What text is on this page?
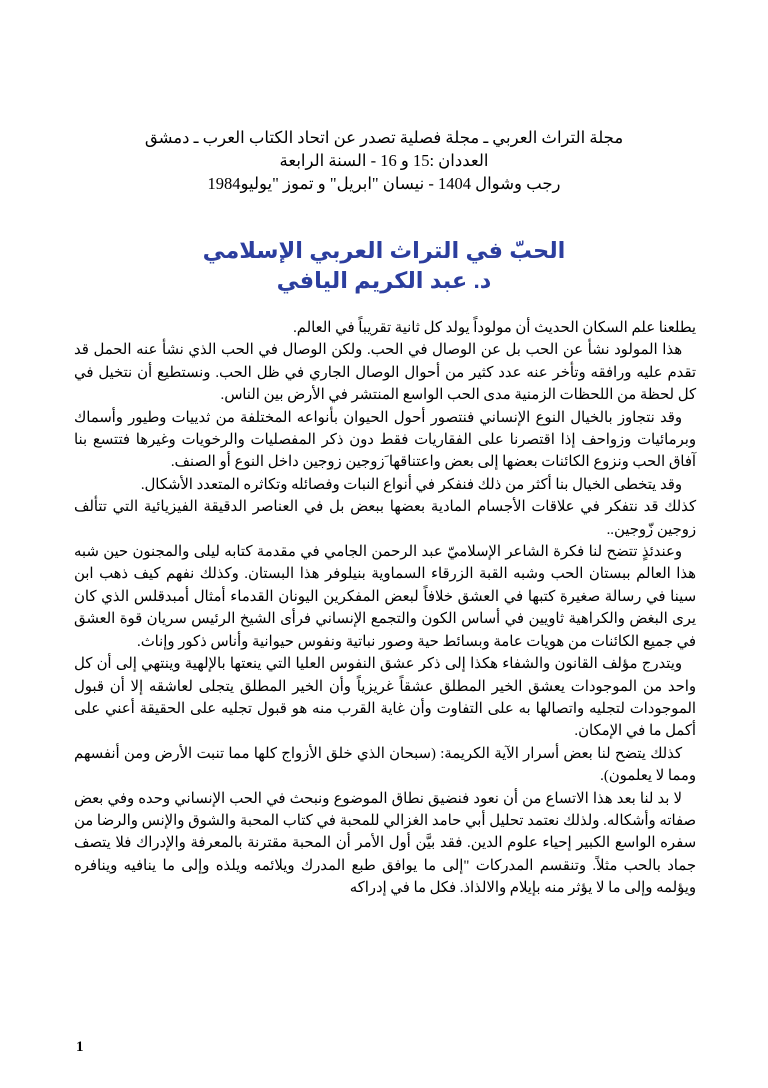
مجلة التراث العربي ـ مجلة فصلية تصدر عن اتحاد الكتاب العرب ـ دمشق
العددان :15 و 16 - السنة الرابعة
رجب وشوال 1404 - نيسان "ابريل" و تموز "يوليو1984
الحبّ في التراث العربي الإسلامي
د. عبد الكريم اليافي

يطلعنا علم السكان الحديث أن مولوداً يولد كل ثانية تقريباً في العالم.

هذا المولود نشأ عن الحب بل عن الوصال في الحب. ولكن الوصال في الحب الذي نشأ عنه الحمل قد تقدم عليه ورافقه وتأخر عنه عدد كثير من أحوال الوصال الجاري في ظل الحب. ونستطيع أن نتخيل في كل لحظة من اللحظات الزمنية مدى الحب الواسع المنتشر في الأرض بين الناس.

وقد نتجاوز بالخيال النوع الإنساني فنتصور أحول الحيوان بأنواعه المختلفة من ثدييات وطيور وأسماك وبرمائيات وزواحف إذا اقتصرنا على الفقاريات فقط دون ذكر المفصليات والرخويات وغيرها فتتسع بنا آفاق الحب ونزوع الكائنات بعضها إلى بعض واعتناقها َزوجين زوجين داخل النوع أو الصنف.

وقد يتخطى الخيال بنا أكثر من ذلك فنفكر في أنواع النبات وفصائله وتكاثره المتعدد الأشكال.

كذلك قد نتفكر في علاقات الأجسام المادية بعضها ببعض بل في العناصر الدقيقة الفيزيائية التي تتألف زوجين زّوجين..

وعندئذٍ تتضح لنا فكرة الشاعر الإسلاميّ عبد الرحمن الجامي في مقدمة كتابه ليلى والمجنون حين شبه هذا العالم ببستان الحب وشبه القبة الزرقاء السماوية بنيلوفر هذا البستان. وكذلك نفهم كيف ذهب ابن سينا في رسالة صغيرة كتبها في العشق خلافاً لبعض المفكرين اليونان القدماء أمثال أمبدقلس الذي كان يرى البغض والكراهية ثاويين في أساس الكون والتجمع الإنساني فرأى الشيخ الرئيس سريان قوة العشق في جميع الكائنات من هويات عامة وبسائط حية وصور نباتية ونفوس حيوانية وأناس ذكور وإناث.

ويتدرج مؤلف القانون والشفاء هكذا إلى ذكر عشق النفوس العليا التي ينعتها بالإلهية وينتهي إلى أن كل واحد من الموجودات يعشق الخير المطلق عشقاً غريزياً وأن الخير المطلق يتجلى لعاشقه إلا أن قبول الموجودات لتجليه واتصالها به على التفاوت وأن غاية القرب منه هو قبول تجليه على الحقيقة أعني على أكمل ما في الإمكان.

كذلك يتضح لنا بعض أسرار الآية الكريمة: (سبحان الذي خلق الأزواج كلها مما تنبت الأرض ومن أنفسهم ومما لا يعلمون).

لا بد لنا بعد هذا الاتساع من أن نعود فنضيق نطاق الموضوع ونبحث في الحب الإنساني وحده وفي بعض صفاته وأشكاله. ولذلك نعتمد تحليل أبي حامد الغزالي للمحبة في كتاب المحبة والشوق والإنس والرضا من سفره الواسع الكبير إحياء علوم الدين. فقد بيَّن أول الأمر أن المحبة مقترنة بالمعرفة والإدراك فلا يتصف جماد بالحب مثلاً. وتنقسم المدركات "إلى ما يوافق طبع المدرك ويلائمه ويلذه وإلى ما ينافيه وينافره ويؤلمه وإلى ما لا يؤثر منه بإيلام والالذاذ. فكل ما في إدراكه

1
